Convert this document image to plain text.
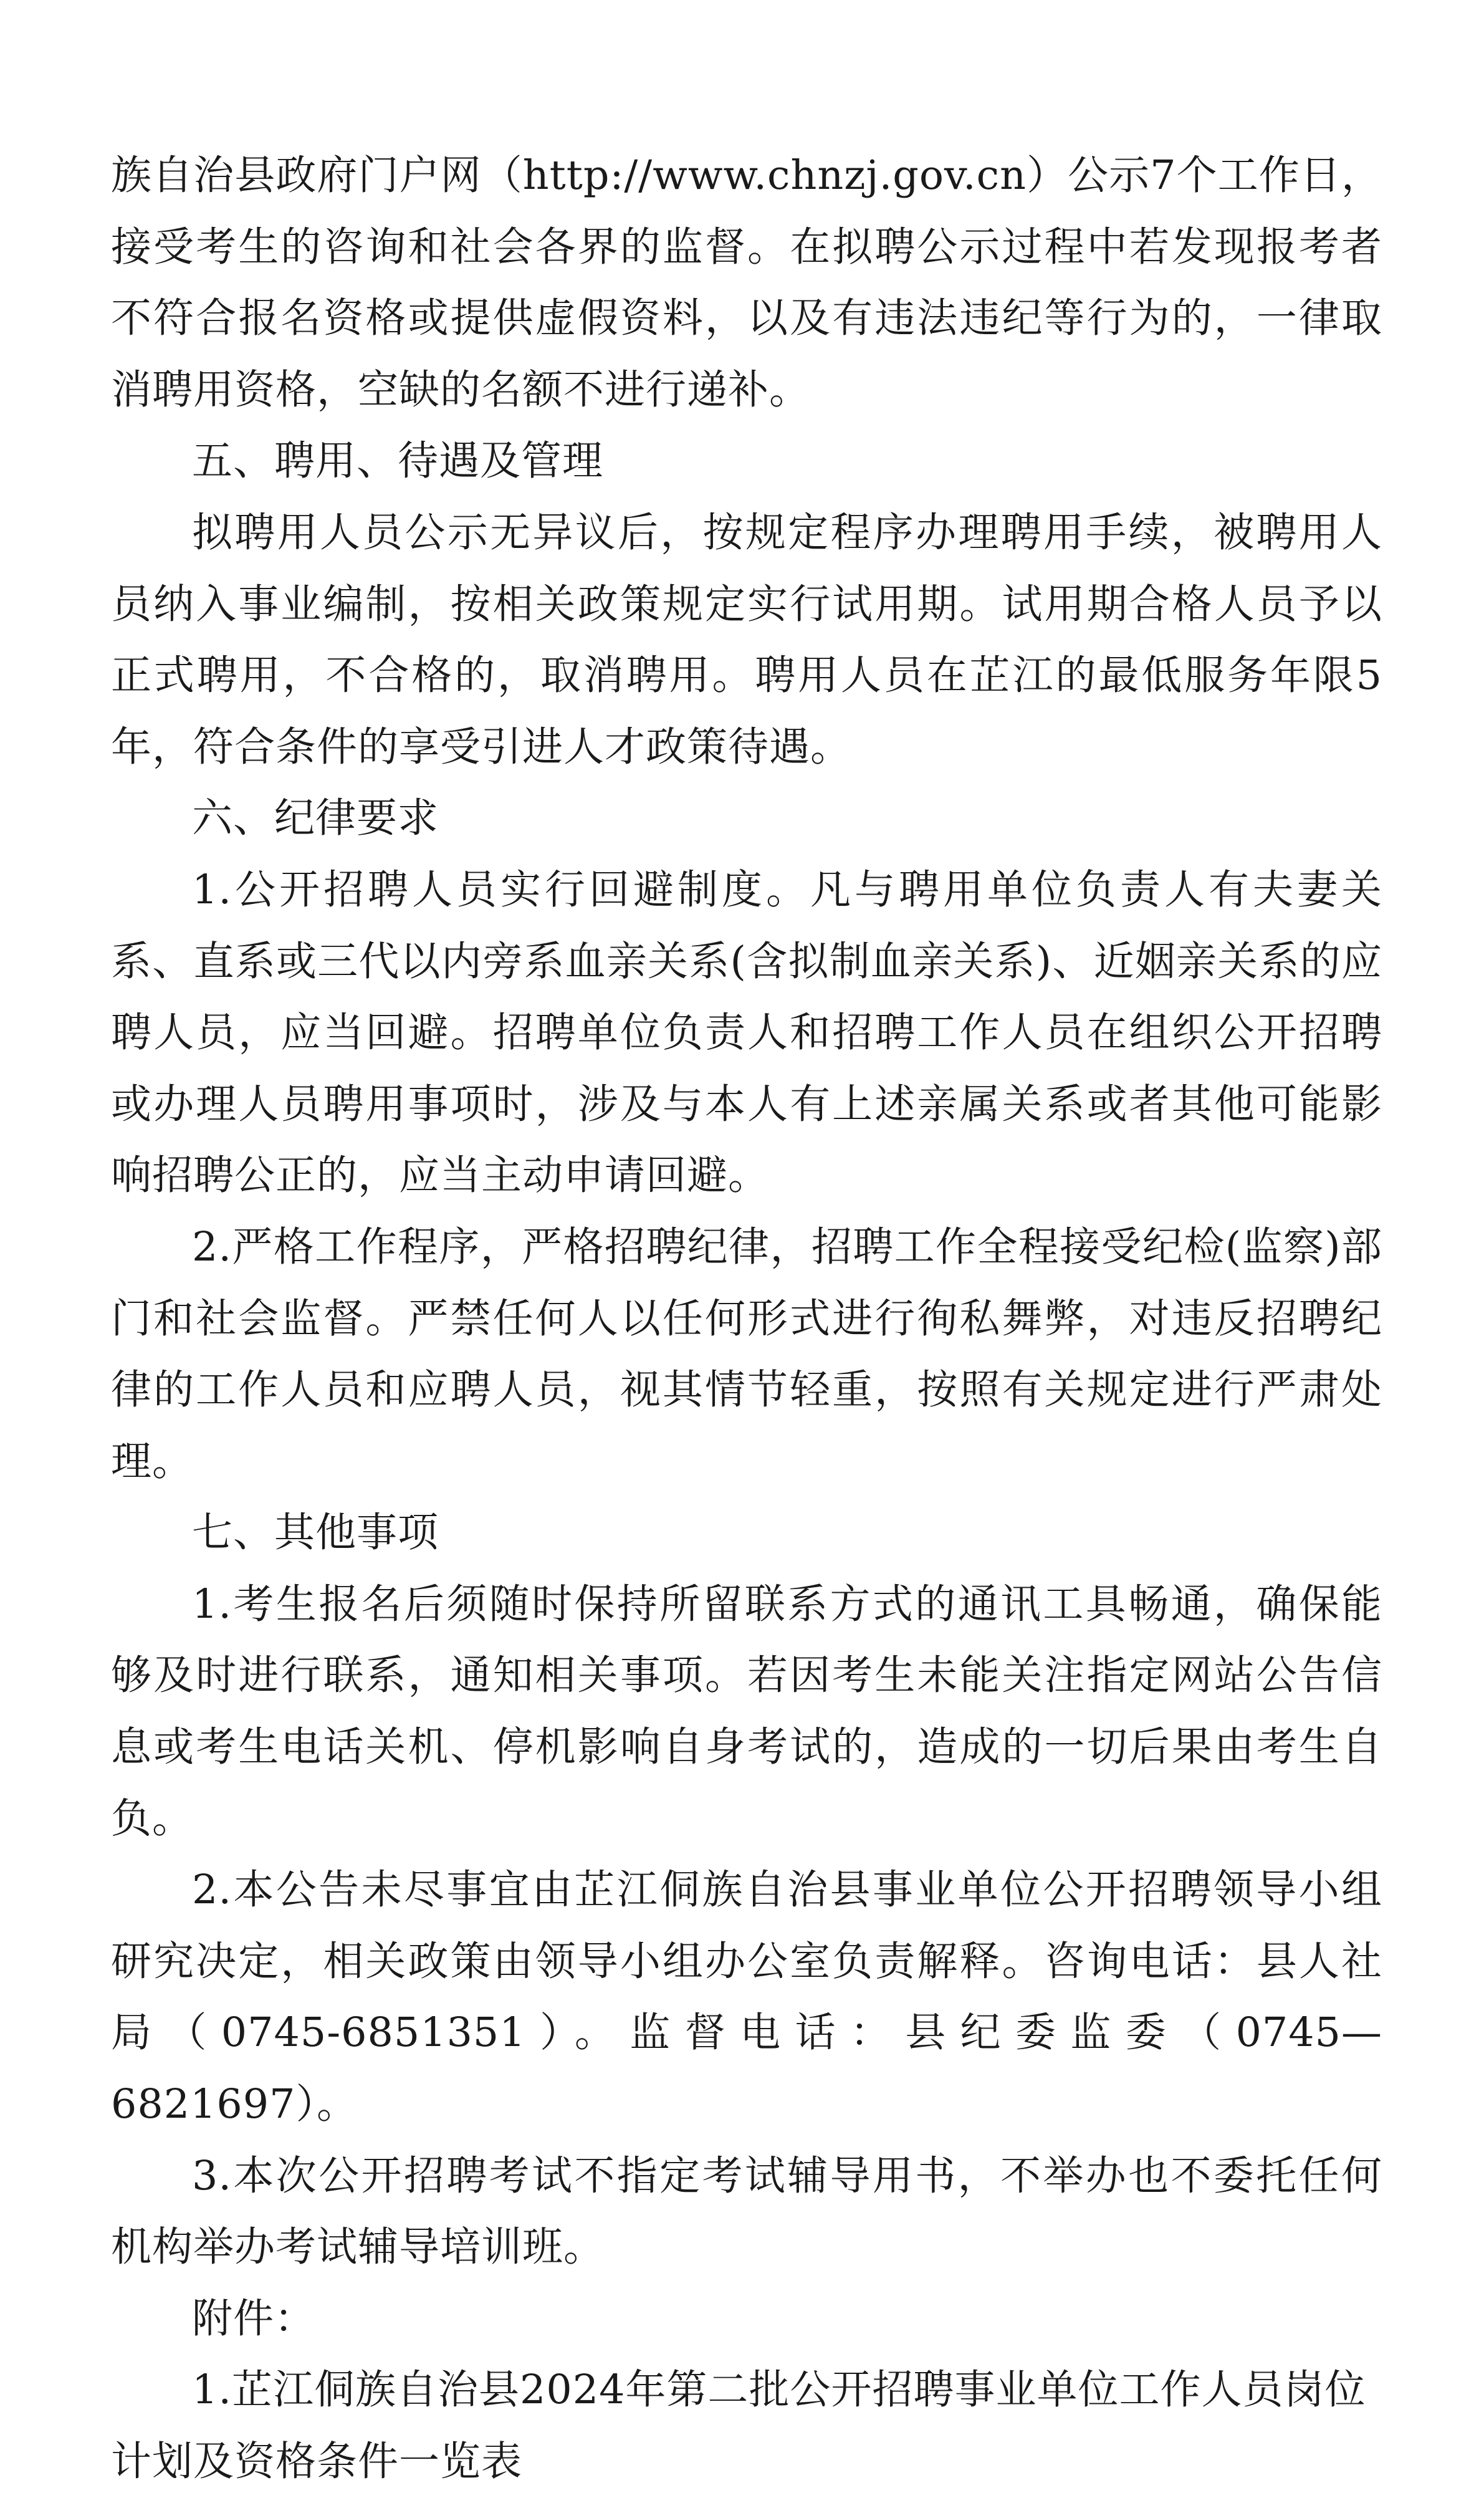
族自治县政府门户网（http://www.chnzj.gov.cn）公示7个工作日，接受考生的咨询和社会各界的监督。在拟聘公示过程中若发现报考者不符合报名资格或提供虚假资料，以及有违法违纪等行为的，一律取消聘用资格，空缺的名额不进行递补。

五、聘用、待遇及管理

拟聘用人员公示无异议后，按规定程序办理聘用手续，被聘用人员纳入事业编制，按相关政策规定实行试用期。试用期合格人员予以正式聘用，不合格的，取消聘用。聘用人员在芷江的最低服务年限5年，符合条件的享受引进人才政策待遇。

六、纪律要求

1.公开招聘人员实行回避制度。凡与聘用单位负责人有夫妻关系、直系或三代以内旁系血亲关系(含拟制血亲关系)、近姻亲关系的应聘人员，应当回避。招聘单位负责人和招聘工作人员在组织公开招聘或办理人员聘用事项时，涉及与本人有上述亲属关系或者其他可能影响招聘公正的，应当主动申请回避。

2.严格工作程序，严格招聘纪律，招聘工作全程接受纪检(监察)部门和社会监督。严禁任何人以任何形式进行徇私舞弊，对违反招聘纪律的工作人员和应聘人员，视其情节轻重，按照有关规定进行严肃处理。

七、其他事项

1.考生报名后须随时保持所留联系方式的通讯工具畅通，确保能够及时进行联系，通知相关事项。若因考生未能关注指定网站公告信息或考生电话关机、停机影响自身考试的，造成的一切后果由考生自负。

2.本公告未尽事宜由芷江侗族自治县事业单位公开招聘领导小组研究决定，相关政策由领导小组办公室负责解释。咨询电话：县人社局（0745-6851351）。监督电话：县纪委监委（0745—6821697）。

3.本次公开招聘考试不指定考试辅导用书，不举办也不委托任何机构举办考试辅导培训班。

附件：

1.芷江侗族自治县2024年第二批公开招聘事业单位工作人员岗位计划及资格条件一览表
